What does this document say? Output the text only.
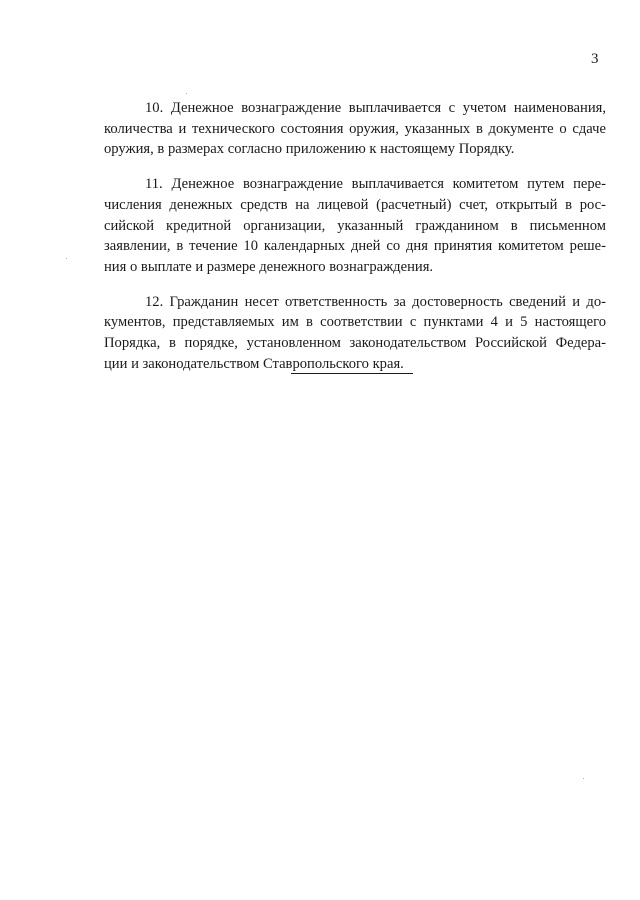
3

10. Денежное вознаграждение выплачивается с учетом наименования,
количества и технического состояния оружия, указанных в документе о сдаче
оружия, в размерах согласно приложению к настоящему Порядку.

11. Денежное вознаграждение выплачивается комитетом путем пере-
числения денежных средств на лицевой (расчетный) счет, открытый в рос-
сийской кредитной организации, указанный гражданином в письменном
заявлении, в течение 10 календарных дней со дня принятия комитетом реше-
ния о выплате и размере денежного вознаграждения.

12. Гражданин несет ответственность за достоверность сведений и до-
кументов, представляемых им в соответствии с пунктами 4 и 5 настоящего
Порядка, в порядке, установленном законодательством Российской Федера-
ции и законодательством Ставропольского края.
